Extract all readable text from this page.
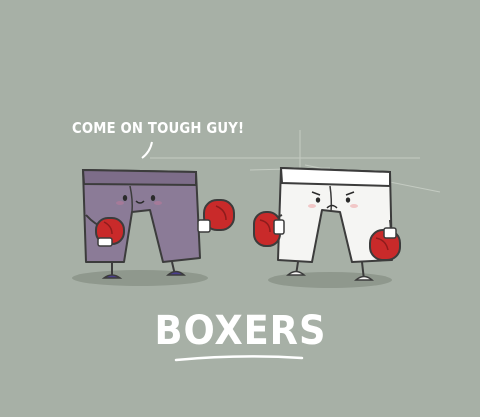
COME ON TOUGH GUY!
BOXERS
